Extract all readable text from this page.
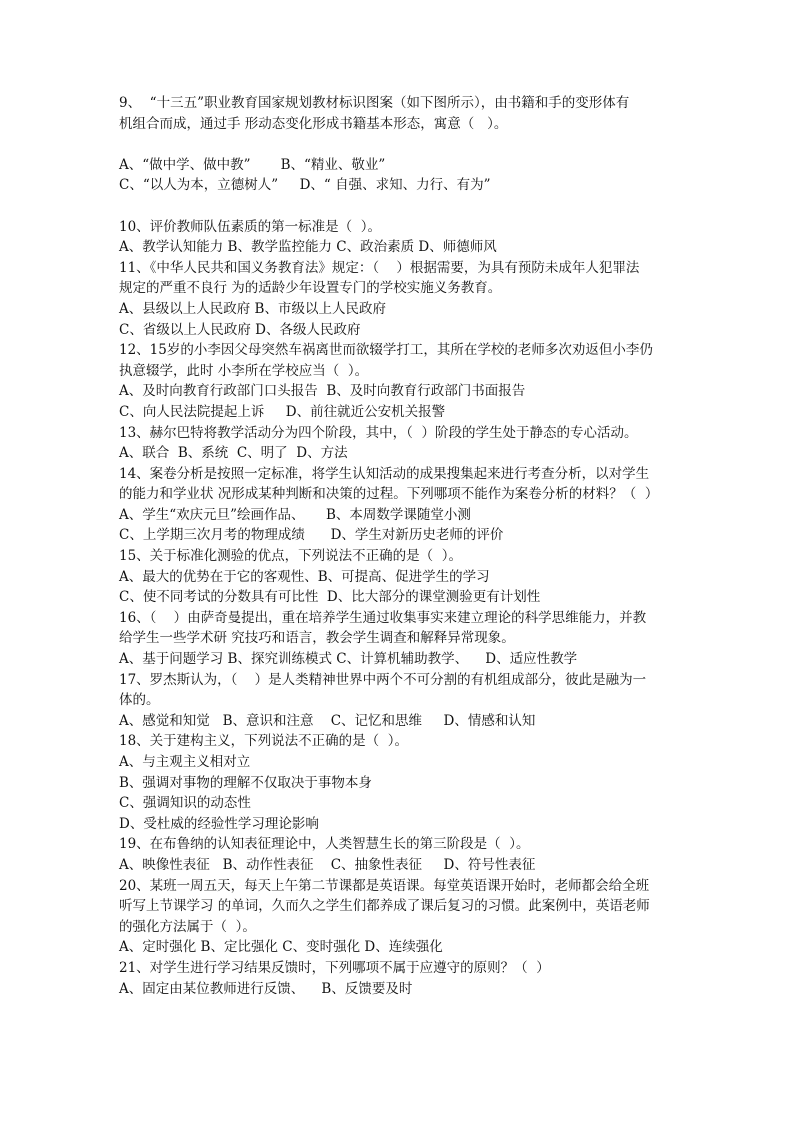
9、  “十三五”职业教育国家规划教材标识图案（如下图所示），由书籍和手的变形体有

机组合而成，通过手 形动态变化形成书籍基本形态，寓意（   ）。

A、“做中学、做中教”       B、“精业、敬业”

C、“以人为本，立德树人”     D、“ 自强、求知、力行、有为”

10、评价教师队伍素质的第一标准是（  ）。

A、教学认知能力 B、教学监控能力 C、政治素质 D、师德师风

11、《中华人民共和国义务教育法》规定：（    ）根据需要，为具有预防未成年人犯罪法

规定的严重不良行 为的适龄少年设置专门的学校实施义务教育。

A、县级以上人民政府 B、市级以上人民政府

C、省级以上人民政府 D、各级人民政府

12、15岁的小李因父母突然车祸离世而欲辍学打工，其所在学校的老师多次劝返但小李仍

执意辍学，此时 小李所在学校应当（  ）。

A、及时向教育行政部门口头报告  B、及时向教育行政部门书面报告

C、向人民法院提起上诉     D、前往就近公安机关报警

13、赫尔巴特将教学活动分为四个阶段，其中，（  ）阶段的学生处于静态的专心活动。

A、联合  B、系统  C、明了  D、方法

14、案卷分析是按照一定标准，将学生认知活动的成果搜集起来进行考查分析，以对学生

的能力和学业状 况形成某种判断和决策的过程。下列哪项不能作为案卷分析的材料？（  ）

A、学生“欢庆元旦”绘画作品、     B、本周数学课随堂小测

C、上学期三次月考的物理成绩      D、学生对新历史老师的评价

15、关于标准化测验的优点，下列说法不正确的是（  ）。

A、最大的优势在于它的客观性、B、可提高、促进学生的学习

C、使不同考试的分数具有可比性  D、比大部分的课堂测验更有计划性

16、（    ）由萨奇曼提出，重在培养学生通过收集事实来建立理论的科学思维能力，并教

给学生一些学术研 究技巧和语言，教会学生调查和解释异常现象。

A、基于问题学习 B、探究训练模式 C、计算机辅助教学、    D、适应性教学

17、罗杰斯认为，（    ）是人类精神世界中两个不可分割的有机组成部分，彼此是融为一

体的。

A、感觉和知觉   B、意识和注意    C、记忆和思维     D、情感和认知

18、关于建构主义，下列说法不正确的是（  ）。

A、与主观主义相对立

B、强调对事物的理解不仅取决于事物本身

C、强调知识的动态性

D、受杜威的经验性学习理论影响

19、在布鲁纳的认知表征理论中，人类智慧生长的第三阶段是（  ）。

A、映像性表征   B、动作性表征    C、抽象性表征     D、符号性表征

20、某班一周五天，每天上午第二节课都是英语课。每堂英语课开始时，老师都会给全班

听写上节课学习 的单词，久而久之学生们都养成了课后复习的习惯。此案例中，英语老师

的强化方法属于（  ）。

A、定时强化 B、定比强化 C、变时强化 D、连续强化

21、对学生进行学习结果反馈时，下列哪项不属于应遵守的原则？（  ）

A、固定由某位教师进行反馈、    B、反馈要及时
